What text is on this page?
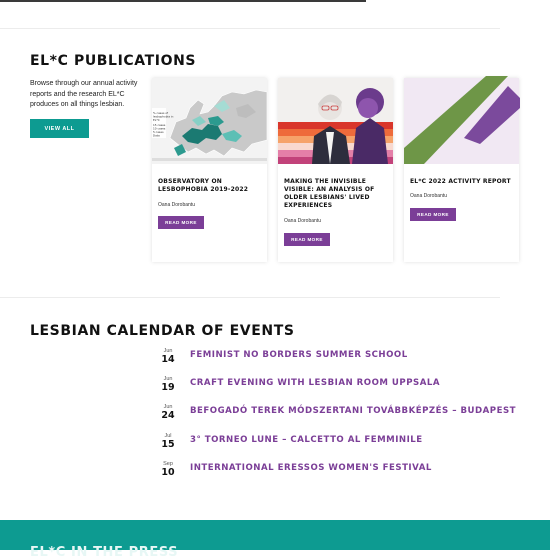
EL*C PUBLICATIONS

Browse through our annual activity reports and the research EL*C produces on all things lesbian.

VIEW ALL
% cases of
lesbophobia in
EL*C
15 cases
10 cases
5 cases
Data
OBSERVATORY ON LESBOPHOBIA 2019-2022
Oana Dorobantu
READ MORE
MAKING THE INVISIBLE VISIBLE: AN ANALYSIS OF OLDER LESBIANS' LIVED EXPERIENCES
Oana Dorobantu
READ MORE
EL*C 2022 ACTIVITY REPORT
Oana Dorobantu
READ MORE
LESBIAN CALENDAR OF EVENTS
Jun
14 FEMINIST NO BORDERS SUMMER SCHOOL
Jun
19 CRAFT EVENING WITH LESBIAN ROOM UPPSALA
Jun
24 BEFOGADÓ TEREK MÓDSZERTANI TOVÁBBKÉPZÉS – BUDAPEST
Jul
15 3° TORNEO LUNE – CALCETTO AL FEMMINILE
Sep
10 INTERNATIONAL ERESSOS WOMEN'S FESTIVAL
EL*C IN THE PRESS
